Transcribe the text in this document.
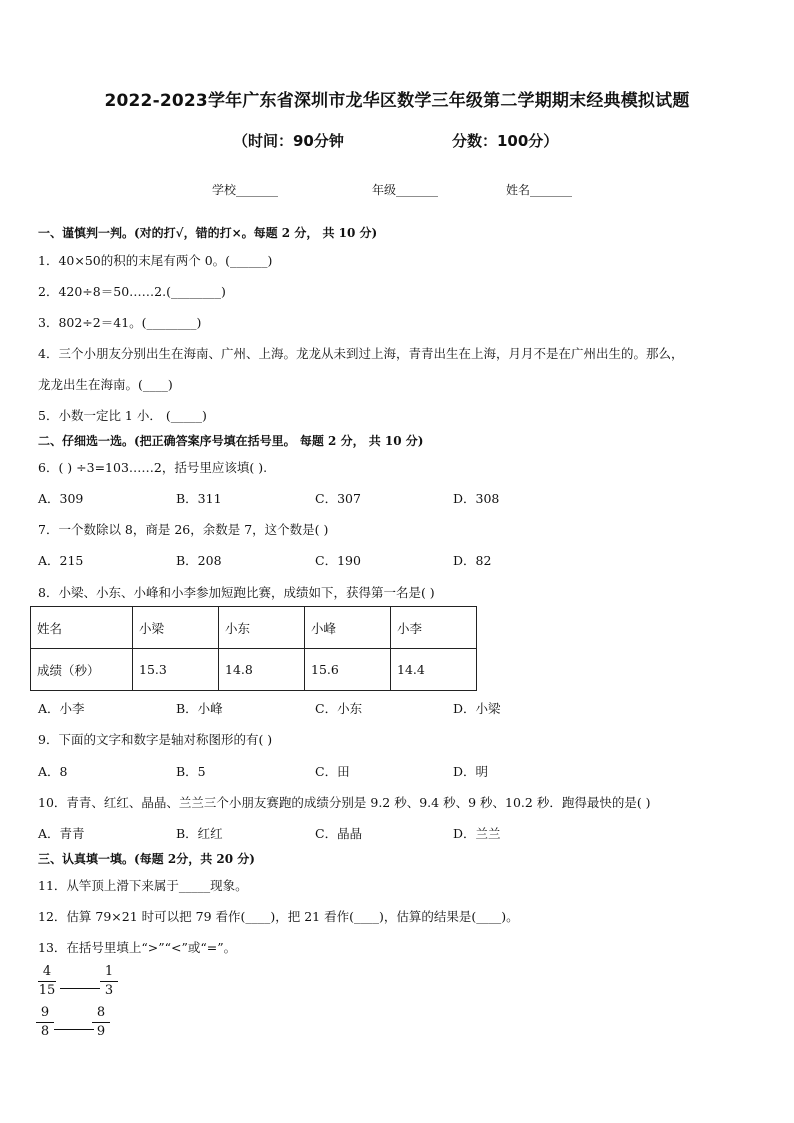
2022-2023学年广东省深圳市龙华区数学三年级第二学期期末经典模拟试题
（时间：90分钟	分数：100分）
学校_______	年级_______	姓名_______
一、谨慎判一判。(对的打√，错的打×。每题 2 分， 共 10 分)
1．40×50的积的末尾有两个 0。(______)
2．420÷8＝50……2.(________)
3．802÷2＝41。(________)
4．三个小朋友分别出生在海南、广州、上海。龙龙从未到过上海，青青出生在上海，月月不是在广州出生的。那么，
龙龙出生在海南。(____)
5．小数一定比 1 小． (_____)
二、仔细选一选。(把正确答案序号填在括号里。 每题 2 分， 共 10 分)
6．( ) ÷3=103……2，括号里应该填( ).
A．309	B．311	C．307	D．308
7．一个数除以 8，商是 26，余数是 7，这个数是( )
A．215	B．208	C．190	D．82
8．小梁、小东、小峰和小李参加短跑比赛，成绩如下，获得第一名是( )
姓名	小梁	小东	小峰	小李
成绩（秒）	15.3	14.8	15.6	14.4
A．小李	B．小峰	C．小东	D．小梁
9．下面的文字和数字是轴对称图形的有( )
A．8	B．5	C．田	D．明
10．青青、红红、晶晶、兰兰三个小朋友赛跑的成绩分别是 9.2 秒、9.4 秒、9 秒、10.2 秒．跑得最快的是( )
A．青青	B．红红	C．晶晶	D．兰兰
三、认真填一填。(每题 2分，共 20 分)
11．从竿顶上滑下来属于_____现象。
12．估算 79×21 时可以把 79 看作(____)，把 21 看作(____)，估算的结果是(____)。
13．在括号里填上“>”“<”或“=”。
4
15
1
3
9
8
8
9
